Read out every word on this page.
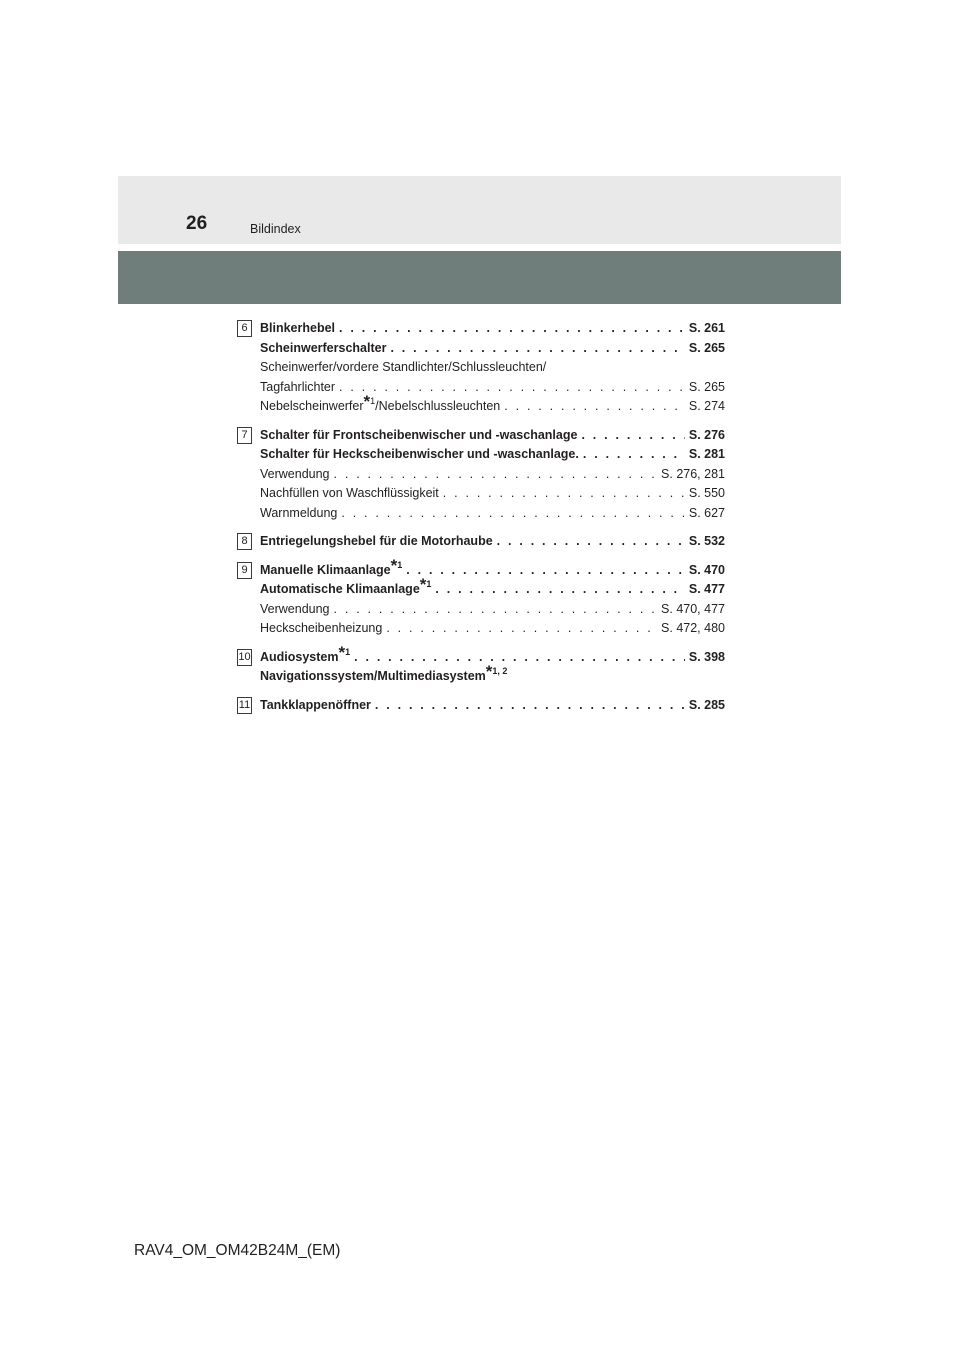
26	Bildindex
6 Blinkerhebel . . .	S. 261
Scheinwerferschalter . . .	S. 265
Scheinwerfer/vordere Standlichter/Schlussleuchten/
Tagfahrlichter . . .	S. 265
Nebelscheinwerfer*$^1$/Nebelschlussleuchten . . .	S. 274
7 Schalter für Frontscheibenwischer und -waschanlage . . .	S. 276
Schalter für Heckscheibenwischer und -waschanlage. . . .	S. 281
Verwendung . . .	S. 276, 281
Nachfüllen von Waschflüssigkeit . . .	S. 550
Warnmeldung . . .	S. 627
8 Entriegelungshebel für die Motorhaube . . .	S. 532
9 Manuelle Klimaanlage*$^1$ . . .	S. 470
Automatische Klimaanlage*$^1$ . . .	S. 477
Verwendung . . .	S. 470, 477
Heckscheibenheizung . . .	S. 472, 480
10 Audiosystem*$^1$ . . .	S. 398
Navigationssystem/Multimediasystem*$^{1, 2}$
11 Tankklappenöffner . . .	S. 285
RAV4_OM_OM42B24M_(EM)
